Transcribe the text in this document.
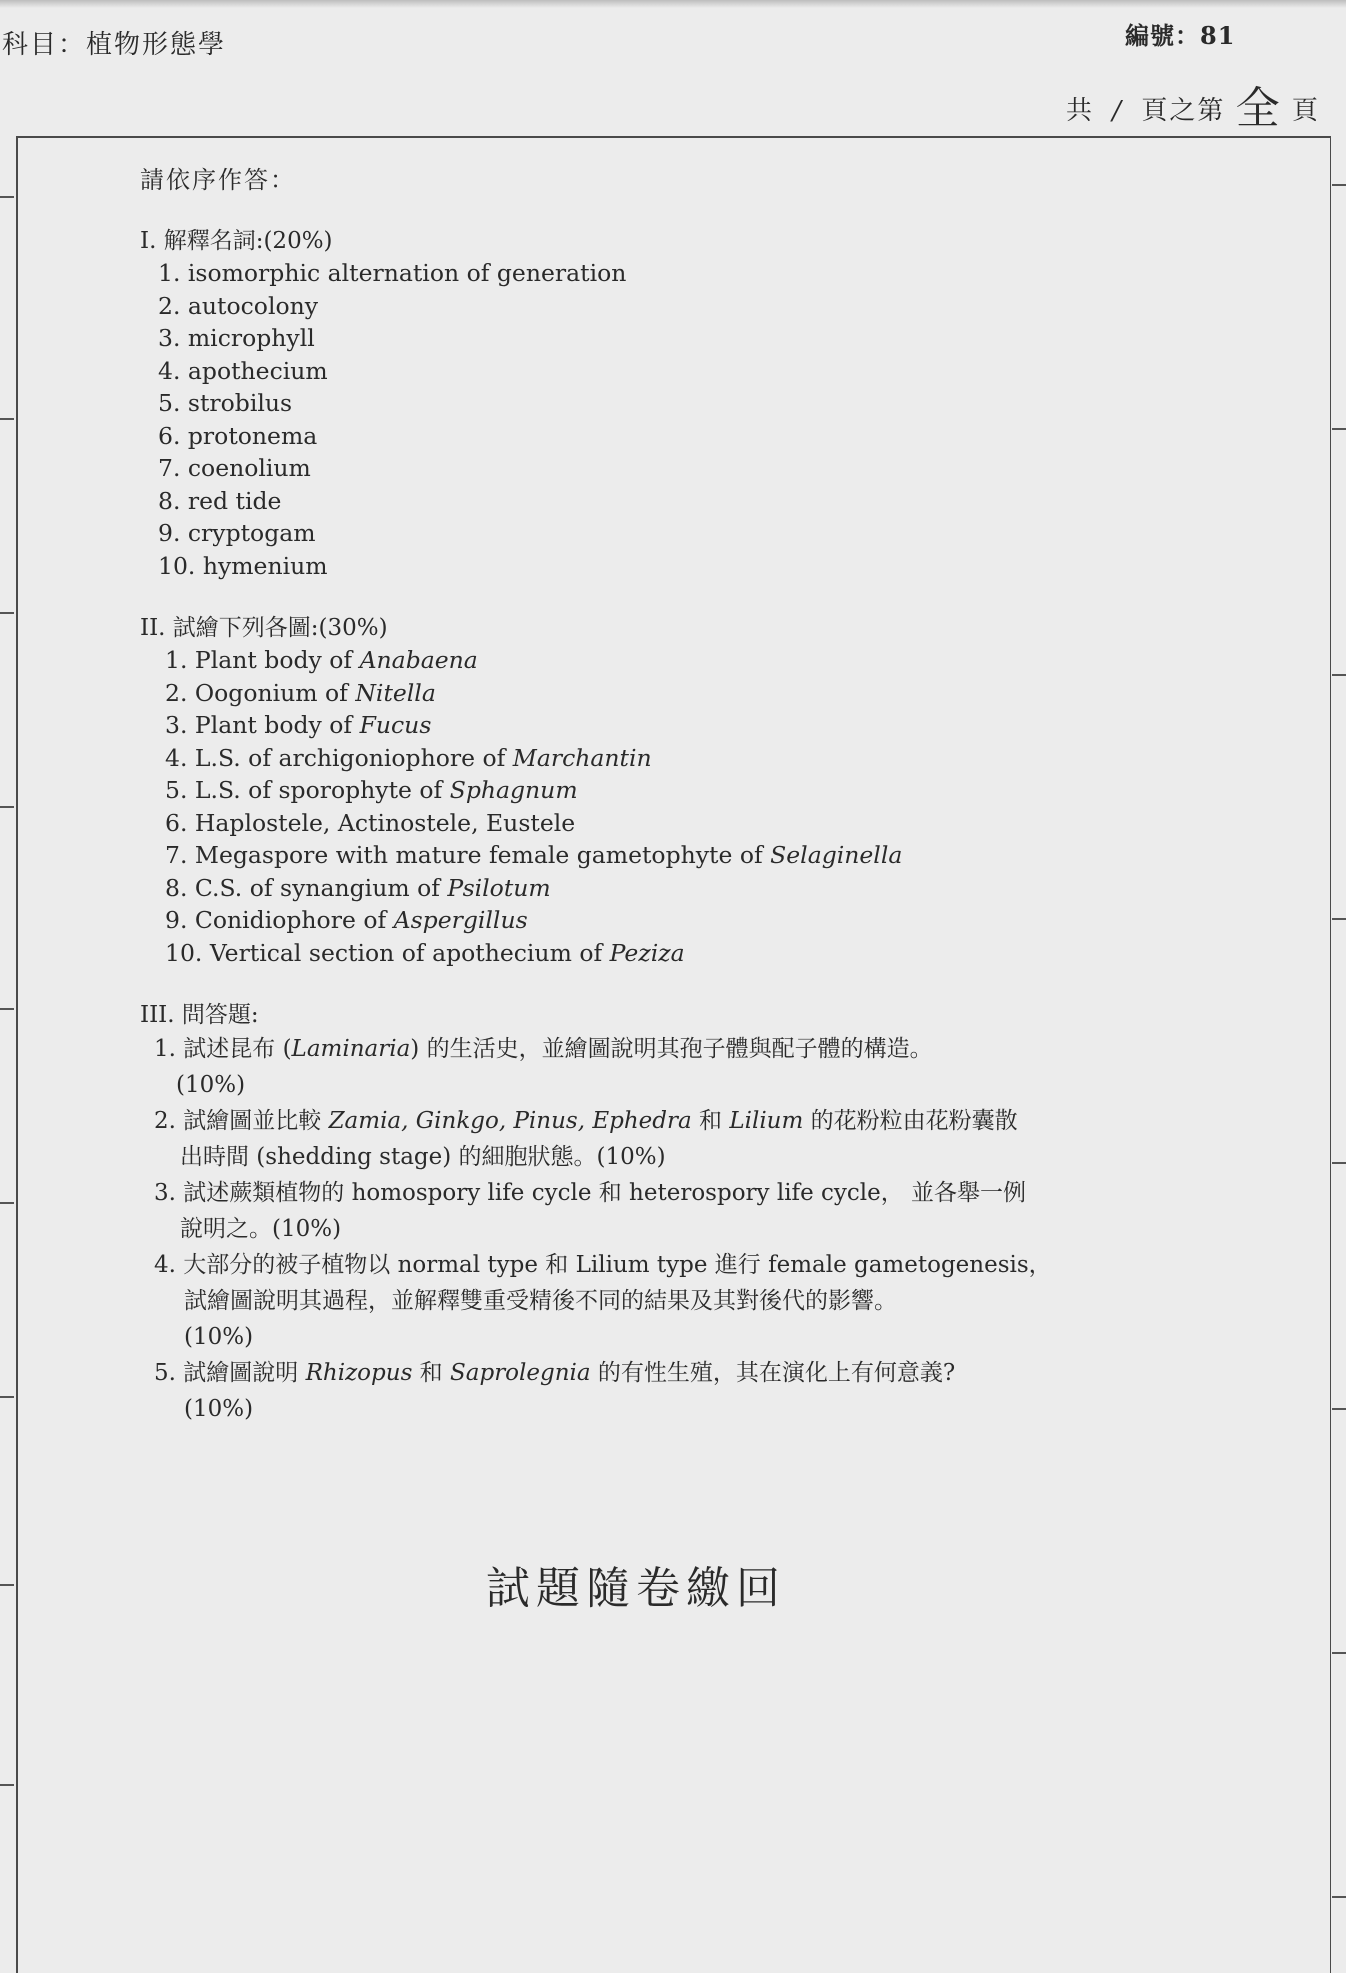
科目：植物形態學	編號：81
共 / 頁之第 全 頁
請依序作答：
I. 解釋名詞:(20%)
1. isomorphic alternation of generation
2. autocolony
3. microphyll
4. apothecium
5. strobilus
6. protonema
7. coenolium
8. red tide
9. cryptogam
10. hymenium
II. 試繪下列各圖:(30%)
1. Plant body of Anabaena
2. Oogonium of Nitella
3. Plant body of Fucus
4. L.S. of archigoniophore of Marchantin
5. L.S. of sporophyte of Sphagnum
6. Haplostele, Actinostele, Eustele
7. Megaspore with mature female gametophyte of Selaginella
8. C.S. of synangium of Psilotum
9. Conidiophore of Aspergillus
10. Vertical section of apothecium of Peziza
III. 問答題:
1. 試述昆布 (Laminaria) 的生活史，並繪圖說明其孢子體與配子體的構造。
(10%)
2. 試繪圖並比較 Zamia, Ginkgo, Pinus, Ephedra 和 Lilium 的花粉粒由花粉囊散
出時間 (shedding stage) 的細胞狀態。(10%)
3. 試述蕨類植物的 homospory life cycle 和 heterospory life cycle， 並各舉一例
說明之。(10%)
4. 大部分的被子植物以 normal type 和 Lilium type 進行 female gametogenesis，
試繪圖說明其過程，並解釋雙重受精後不同的結果及其對後代的影響。
(10%)
5. 試繪圖說明 Rhizopus 和 Saprolegnia 的有性生殖，其在演化上有何意義?
(10%)
試題隨卷繳回
